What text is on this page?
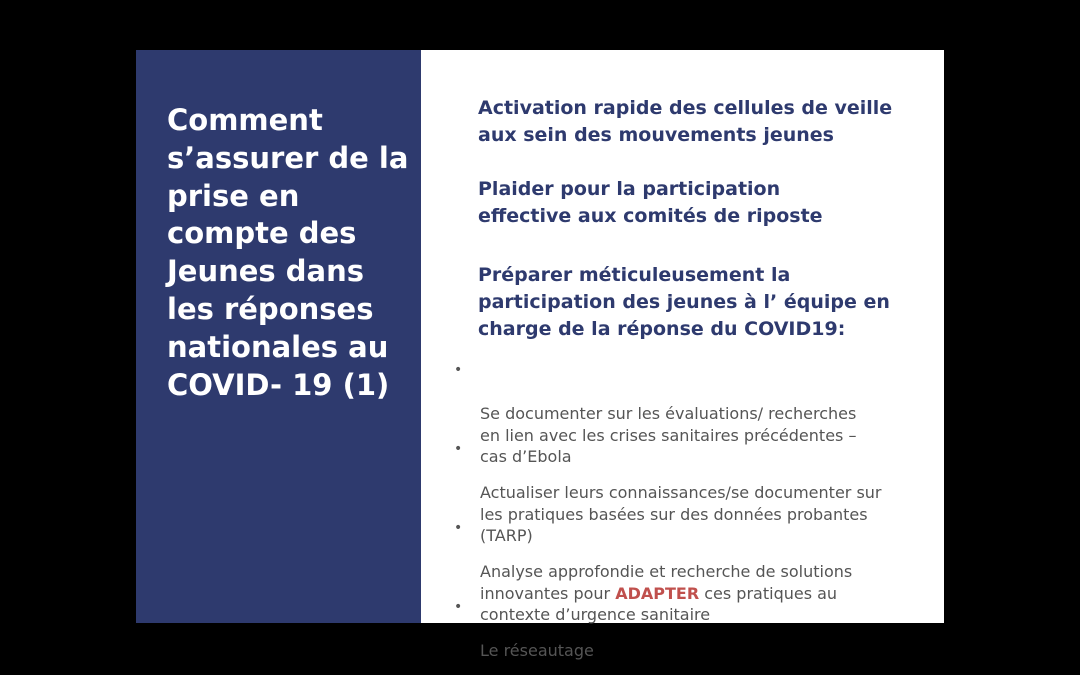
Comment
s’assurer de la
prise en
compte des
Jeunes dans
les réponses
nationales au
COVID- 19 (1)
Activation rapide des cellules de veille
aux sein des mouvements jeunes
Plaider pour la participation
effective aux comités de riposte
Préparer méticuleusement la
participation des jeunes à l’ équipe en
charge de la réponse du COVID19:

•

Se documenter sur les évaluations/ recherches
en lien avec les crises sanitaires précédentes –
cas d’Ebola

•

Actualiser leurs connaissances/se documenter sur
les pratiques basées sur des données probantes
(TARP)

•

Analyse approfondie et recherche de solutions
innovantes pour ADAPTER ces pratiques au
contexte d’urgence sanitaire

•

Le réseautage
